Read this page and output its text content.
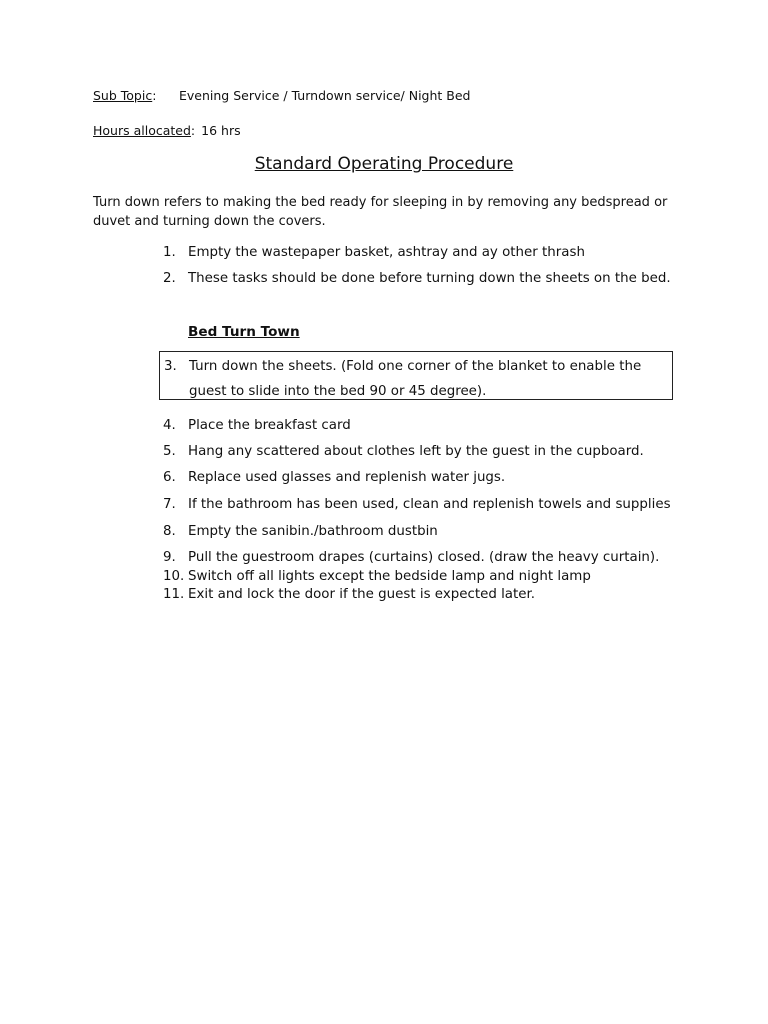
Sub Topic: Evening Service / Turndown service/ Night Bed
Hours allocated: 16 hrs
Standard Operating Procedure
Turn down refers to making the bed ready for sleeping in by removing any bedspread or duvet and turning down the covers.
1. Empty the wastepaper basket, ashtray and ay other thrash
2. These tasks should be done before turning down the sheets on the bed.
Bed Turn Town
3. Turn down the sheets. (Fold one corner of the blanket to enable the guest to slide into the bed 90 or 45 degree).
4. Place the breakfast card
5. Hang any scattered about clothes left by the guest in the cupboard.
6. Replace used glasses and replenish water jugs.
7. If the bathroom has been used, clean and replenish towels and supplies
8. Empty the sanibin./bathroom dustbin
9. Pull the guestroom drapes (curtains) closed. (draw the heavy curtain).
10. Switch off all lights except the bedside lamp and night lamp
11. Exit and lock the door if the guest is expected later.
